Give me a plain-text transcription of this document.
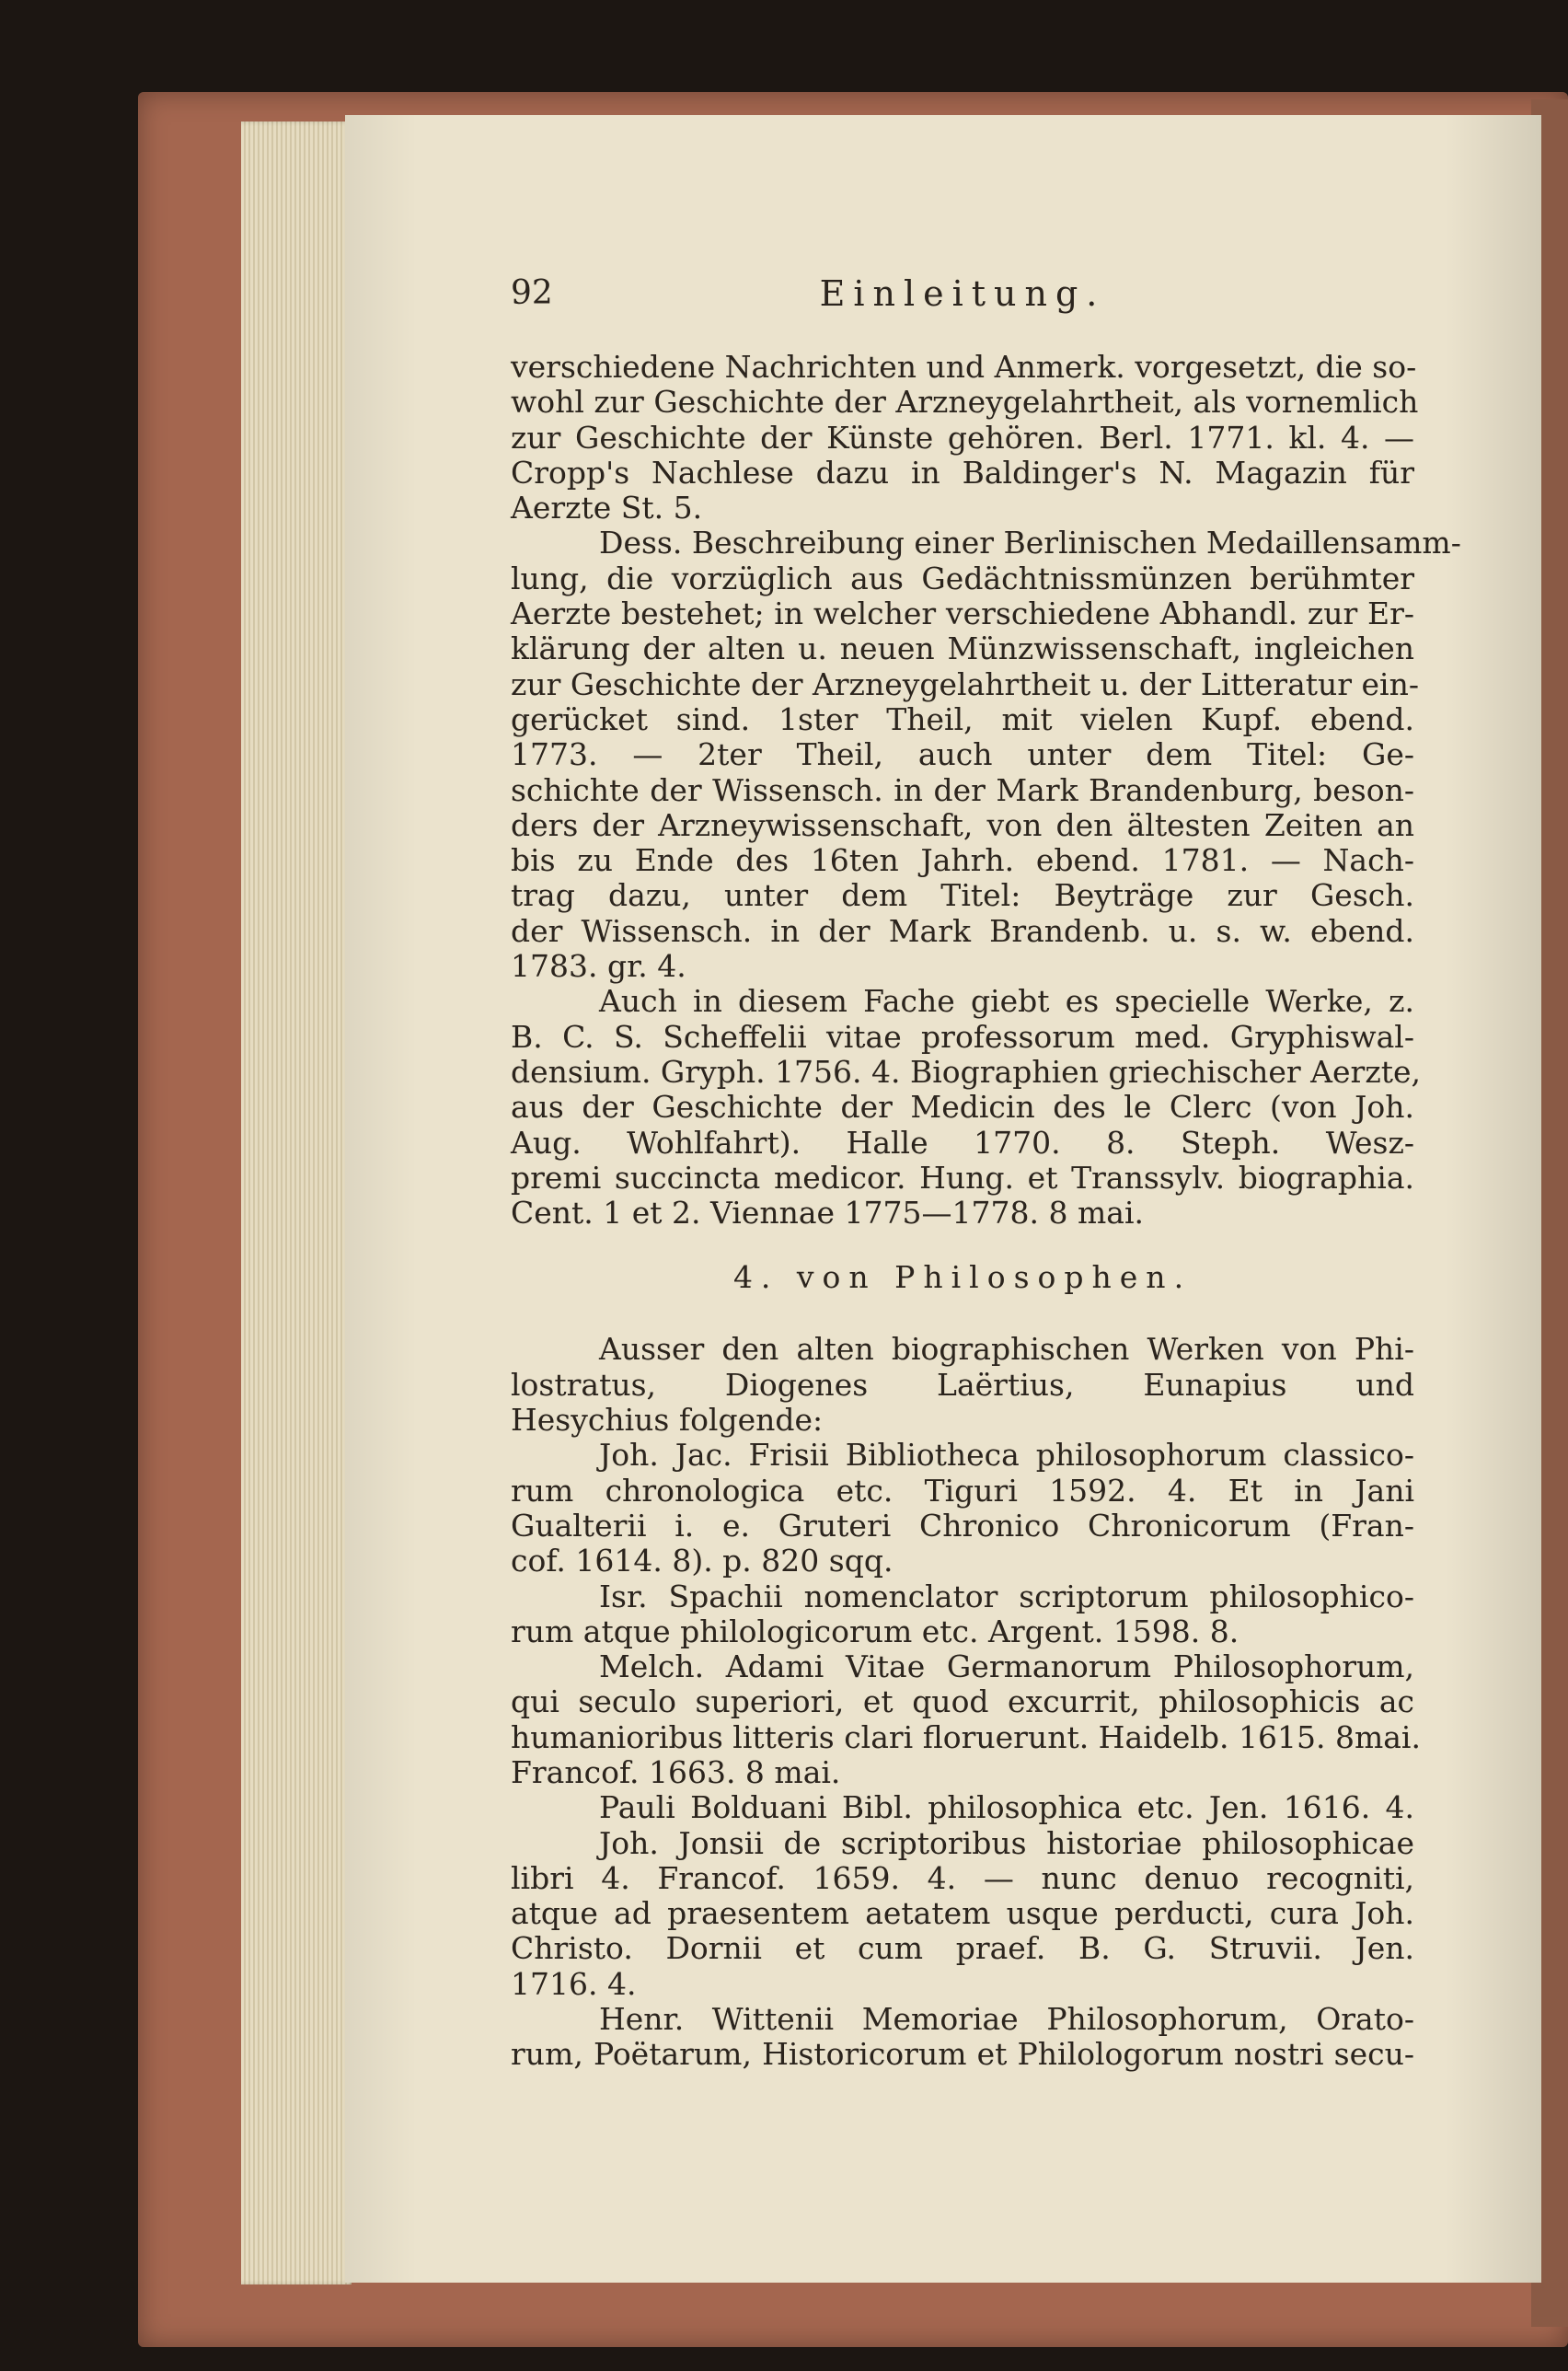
92	Einleitung.
verschiedene Nachrichten und Anmerk. vorgesetzt, die so-
wohl zur Geschichte der Arzneygelahrtheit, als vornemlich
zur Geschichte der Künste gehören. Berl. 1771. kl. 4. —
Cropp's Nachlese dazu in Baldinger's N. Magazin für
Aerzte St. 5.
Dess. Beschreibung einer Berlinischen Medaillensamm-
lung, die vorzüglich aus Gedächtnissmünzen berühmter
Aerzte bestehet; in welcher verschiedene Abhandl. zur Er-
klärung der alten u. neuen Münzwissenschaft, ingleichen
zur Geschichte der Arzneygelahrtheit u. der Litteratur ein-
gerücket sind. 1ster Theil, mit vielen Kupf. ebend.
1773. — 2ter Theil, auch unter dem Titel: Ge-
schichte der Wissensch. in der Mark Brandenburg, beson-
ders der Arzneywissenschaft, von den ältesten Zeiten an
bis zu Ende des 16ten Jahrh. ebend. 1781. — Nach-
trag dazu, unter dem Titel: Beyträge zur Gesch.
der Wissensch. in der Mark Brandenb. u. s. w. ebend.
1783. gr. 4.
Auch in diesem Fache giebt es specielle Werke, z.
B. C. S. Scheffelii vitae professorum med. Gryphiswal-
densium. Gryph. 1756. 4. Biographien griechischer Aerzte,
aus der Geschichte der Medicin des le Clerc (von Joh.
Aug. Wohlfahrt). Halle 1770. 8. Steph. Wesz-
premi succincta medicor. Hung. et Transsylv. biographia.
Cent. 1 et 2. Viennae 1775—1778. 8 mai.
4. von Philosophen.
Ausser den alten biographischen Werken von Phi-
lostratus, Diogenes Laërtius, Eunapius und
Hesychius folgende:
Joh. Jac. Frisii Bibliotheca philosophorum classico-
rum chronologica etc. Tiguri 1592. 4. Et in Jani
Gualterii i. e. Gruteri Chronico Chronicorum (Fran-
cof. 1614. 8). p. 820 sqq.
Isr. Spachii nomenclator scriptorum philosophico-
rum atque philologicorum etc. Argent. 1598. 8.
Melch. Adami Vitae Germanorum Philosophorum,
qui seculo superiori, et quod excurrit, philosophicis ac
humanioribus litteris clari floruerunt. Haidelb. 1615. 8mai.
Francof. 1663. 8 mai.
Pauli Bolduani Bibl. philosophica etc. Jen. 1616. 4.
Joh. Jonsii de scriptoribus historiae philosophicae
libri 4. Francof. 1659. 4. — nunc denuo recogniti,
atque ad praesentem aetatem usque perducti, cura Joh.
Christo. Dornii et cum praef. B. G. Struvii. Jen.
1716. 4.
Henr. Wittenii Memoriae Philosophorum, Orato-
rum, Poëtarum, Historicorum et Philologorum nostri secu-
